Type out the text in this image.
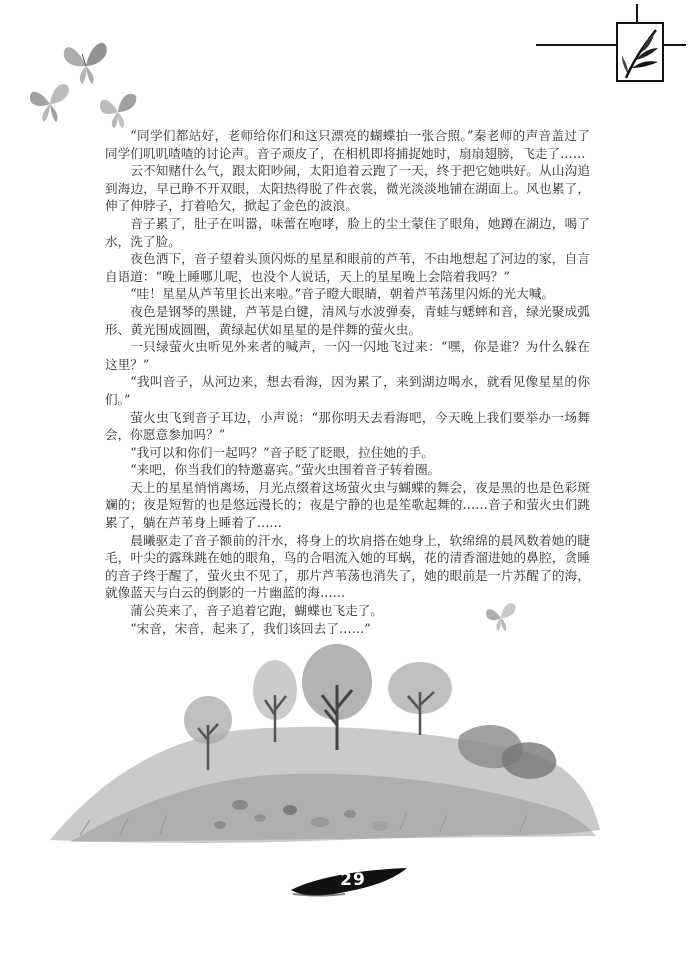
“同学们都站好，老师给你们和这只漂亮的蝴蝶拍一张合照。”秦老师的声音盖过了同学们叽叽喳喳的讨论声。音子顽皮了，在相机即将捕捉她时，扇扇翅膀，飞走了……

云不知赌什么气，跟太阳吵闹，太阳追着云跑了一天，终于把它她哄好。从山沟追到海边，早已睁不开双眼，太阳热得脱了件衣裳，微光淡淡地铺在湖面上。风也累了，伸了伸脖子，打着哈欠，掀起了金色的波浪。

音子累了，肚子在叫嚣，味蕾在咆哮，脸上的尘土蒙住了眼角，她蹲在湖边，喝了水，洗了脸。

夜色洒下，音子望着头顶闪烁的星星和眼前的芦苇，不由地想起了河边的家，自言自语道：“晚上睡哪儿呢，也没个人说话，天上的星星晚上会陪着我吗？”

“哇！星星从芦苇里长出来啦。”音子瞪大眼睛，朝着芦苇荡里闪烁的光大喊。

夜色是钢琴的黑键，芦苇是白键，清风与水波弹奏，青蛙与蟋蟀和音，绿光聚成弧形、黄光围成圆圈，黄绿起伏如星星的是伴舞的萤火虫。

一只绿萤火虫听见外来者的喊声，一闪一闪地飞过来：“嘿，你是谁？为什么躲在这里？”

“我叫音子，从河边来，想去看海，因为累了，来到湖边喝水，就看见像星星的你们。”

萤火虫飞到音子耳边，小声说：“那你明天去看海吧，今天晚上我们要举办一场舞会，你愿意参加吗？”

“我可以和你们一起吗？”音子眨了眨眼，拉住她的手。

“来吧，你当我们的特邀嘉宾。”萤火虫围着音子转着圈。

天上的星星悄悄离场，月光点缀着这场萤火虫与蝴蝶的舞会，夜是黑的也是色彩斑斓的；夜是短暂的也是悠远漫长的；夜是宁静的也是笙歌起舞的……音子和萤火虫们跳累了，躺在芦苇身上睡着了……

晨曦驱走了音子额前的汗水，将身上的坎肩搭在她身上，软绵绵的晨风数着她的睫毛，叶尖的露珠跳在她的眼角，鸟的合唱流入她的耳蜗，花的清香溜进她的鼻腔，贪睡的音子终于醒了，萤火虫不见了，那片芦苇荡也消失了，她的眼前是一片苏醒了的海，就像蓝天与白云的倒影的一片幽蓝的海……

蒲公英来了，音子追着它跑，蝴蝶也飞走了。

“宋音，宋音，起来了，我们该回去了……”

29
